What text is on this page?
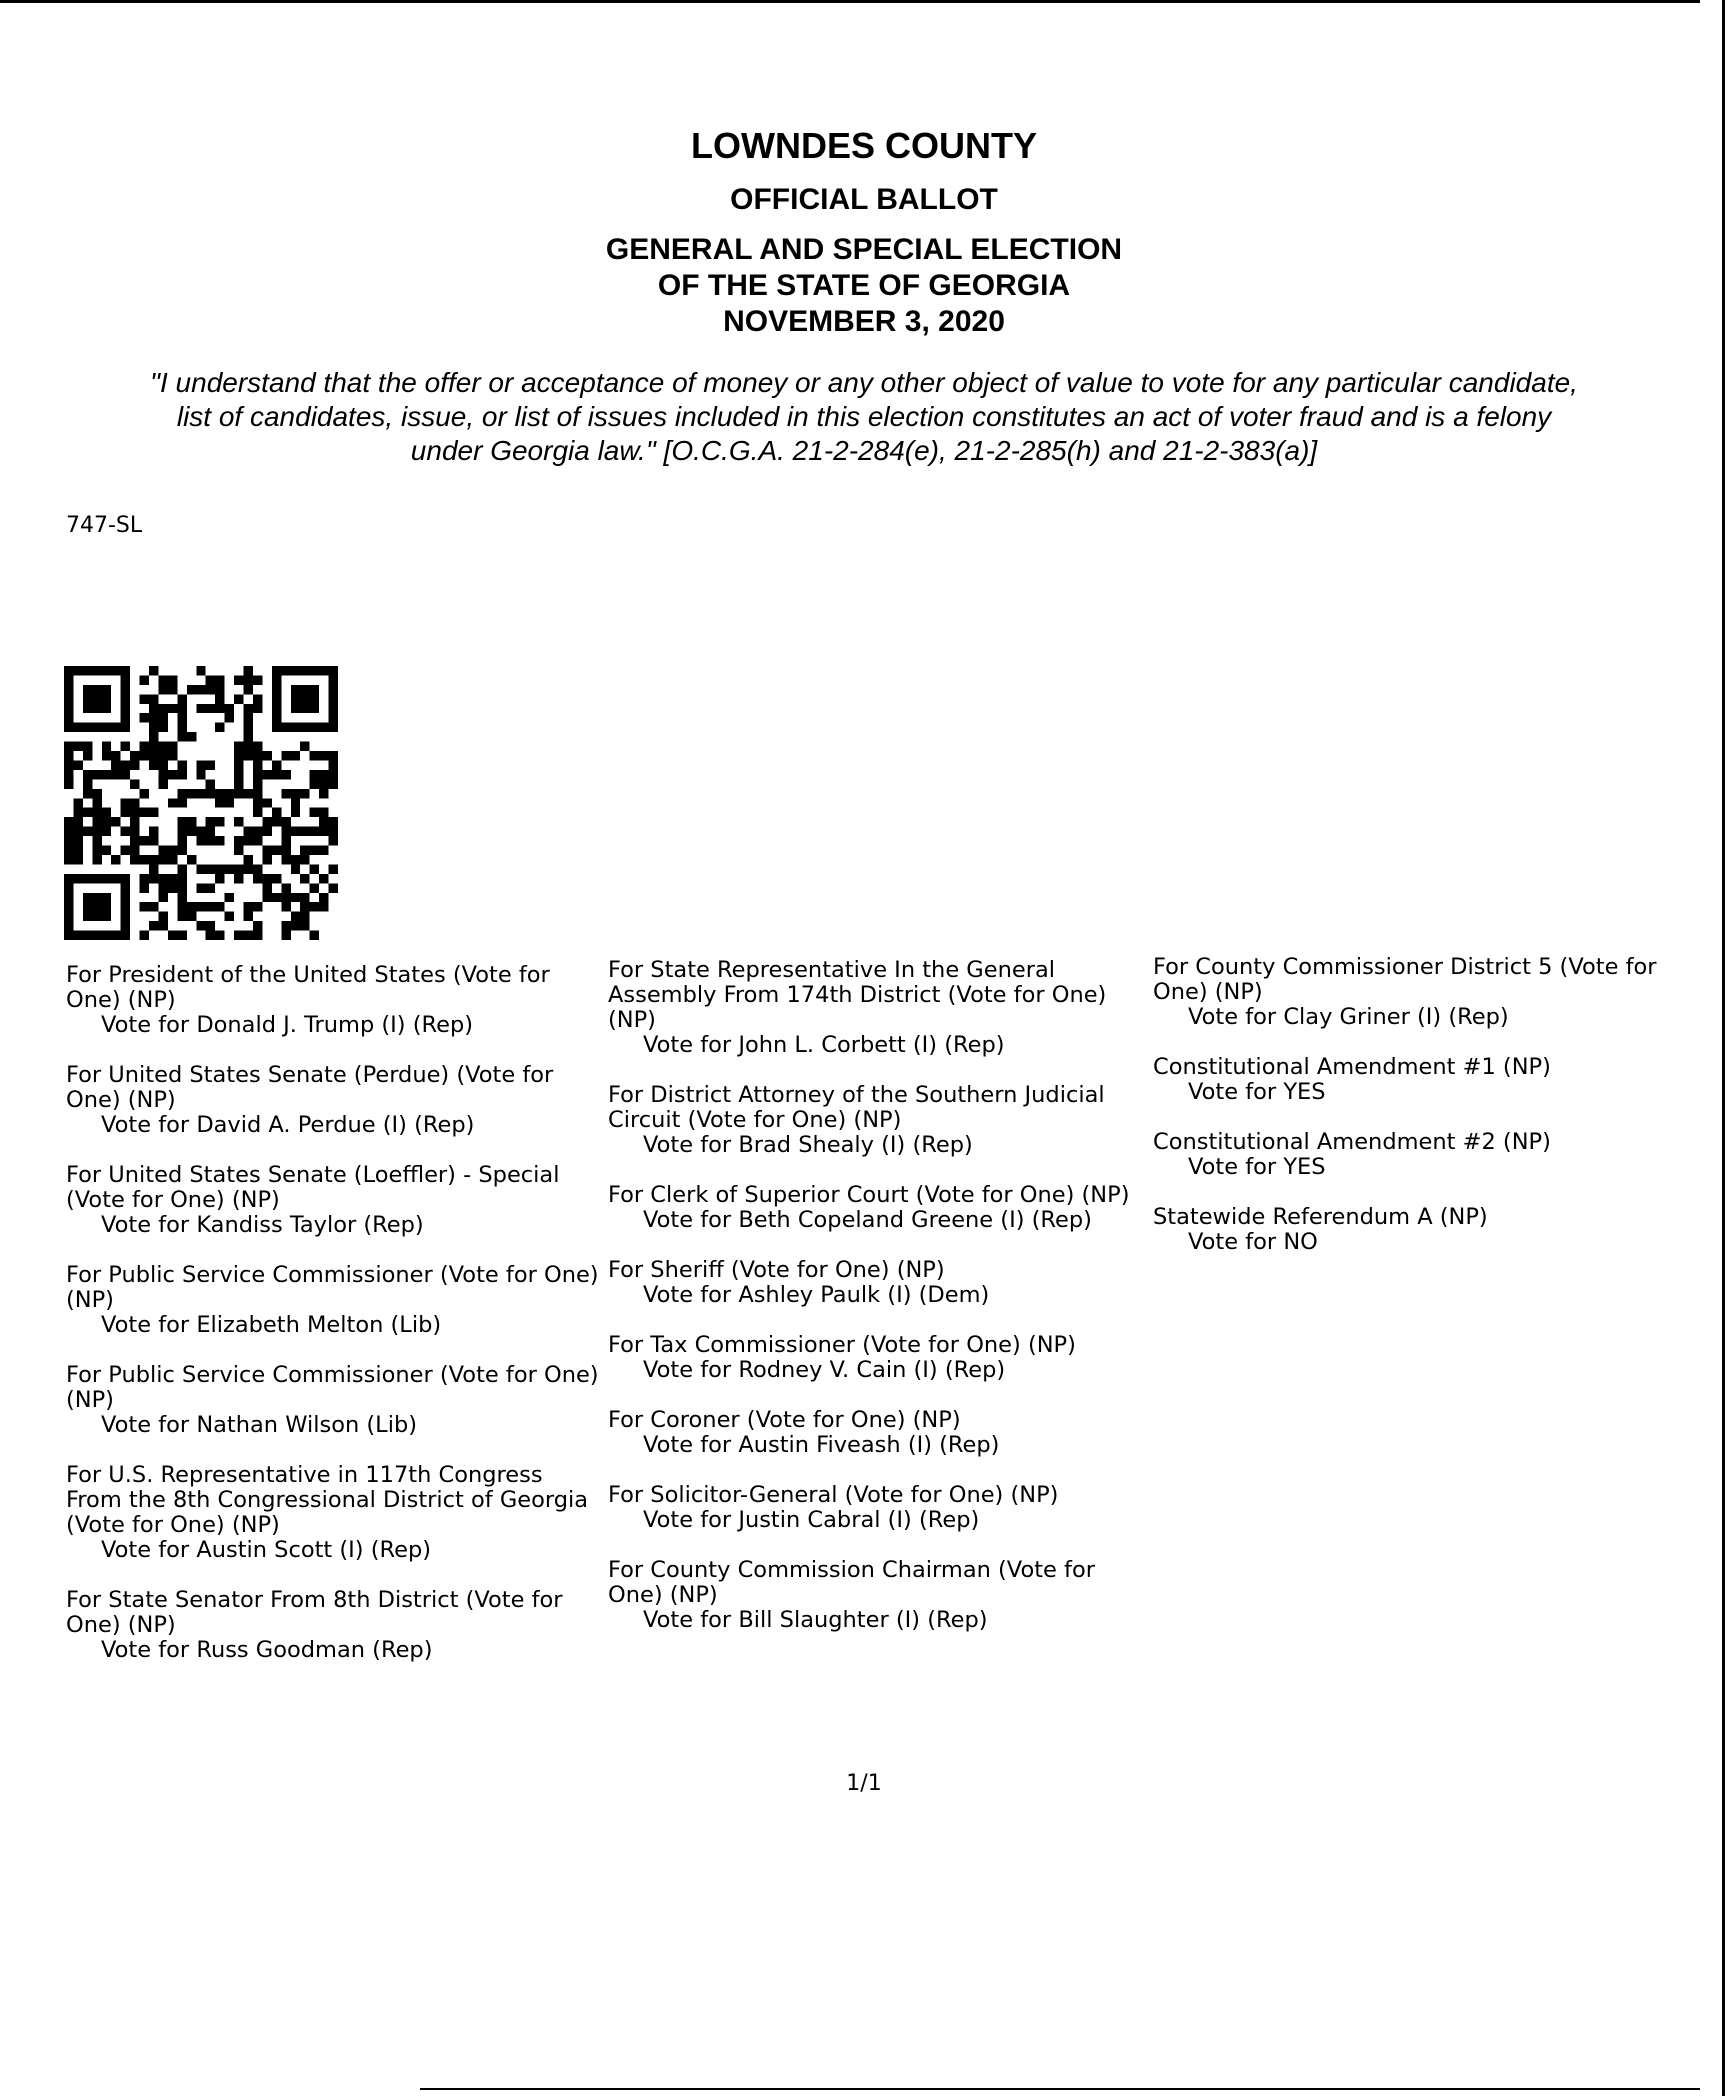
LOWNDES COUNTY
OFFICIAL BALLOT
GENERAL AND SPECIAL ELECTION
OF THE STATE OF GEORGIA
NOVEMBER 3, 2020
"I understand that the offer or acceptance of money or any other object of value to vote for any particular candidate,
list of candidates, issue, or list of issues included in this election constitutes an act of voter fraud and is a felony
under Georgia law." [O.C.G.A. 21-2-284(e), 21-2-285(h) and 21-2-383(a)]
747-SL
For President of the United States (Vote for One) (NP)
Vote for Donald J. Trump (I) (Rep)
For United States Senate (Perdue) (Vote for One) (NP)
Vote for David A. Perdue (I) (Rep)
For United States Senate (Loeffler) - Special (Vote for One) (NP)
Vote for Kandiss Taylor (Rep)
For Public Service Commissioner (Vote for One) (NP)
Vote for Elizabeth Melton (Lib)
For Public Service Commissioner (Vote for One) (NP)
Vote for Nathan Wilson (Lib)
For U.S. Representative in 117th Congress From the 8th Congressional District of Georgia (Vote for One) (NP)
Vote for Austin Scott (I) (Rep)
For State Senator From 8th District (Vote for One) (NP)
Vote for Russ Goodman (Rep)
For State Representative In the General Assembly From 174th District (Vote for One) (NP)
Vote for John L. Corbett (I) (Rep)
For District Attorney of the Southern Judicial Circuit (Vote for One) (NP)
Vote for Brad Shealy (I) (Rep)
For Clerk of Superior Court (Vote for One) (NP)
Vote for Beth Copeland Greene (I) (Rep)
For Sheriff (Vote for One) (NP)
Vote for Ashley Paulk (I) (Dem)
For Tax Commissioner (Vote for One) (NP)
Vote for Rodney V. Cain (I) (Rep)
For Coroner (Vote for One) (NP)
Vote for Austin Fiveash (I) (Rep)
For Solicitor-General (Vote for One) (NP)
Vote for Justin Cabral (I) (Rep)
For County Commission Chairman (Vote for One) (NP)
Vote for Bill Slaughter (I) (Rep)
For County Commissioner District 5 (Vote for One) (NP)
Vote for Clay Griner (I) (Rep)
Constitutional Amendment #1 (NP)
Vote for YES
Constitutional Amendment #2 (NP)
Vote for YES
Statewide Referendum A (NP)
Vote for NO
1/1
